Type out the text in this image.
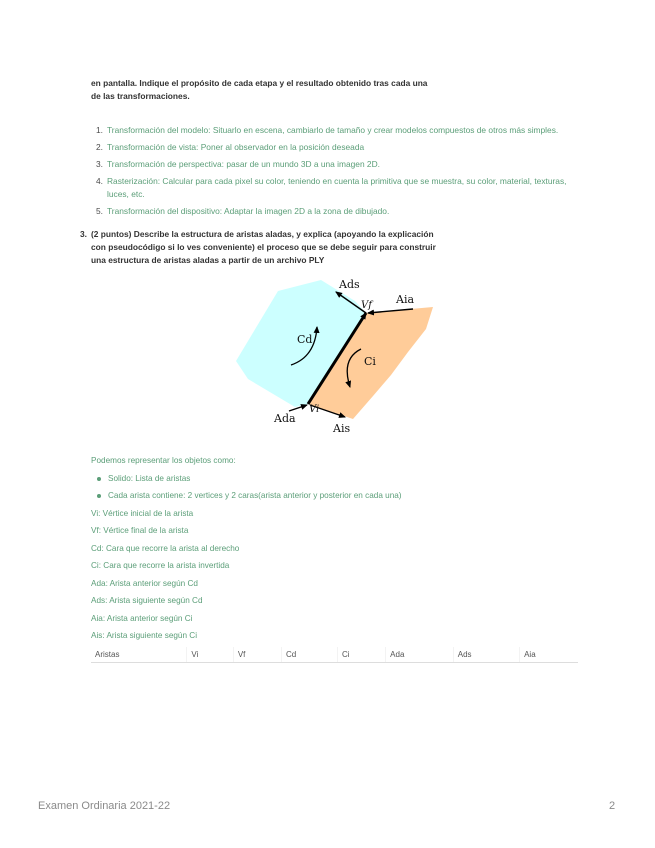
en pantalla. Indique el propósito de cada etapa y el resultado obtenido tras cada una
de las transformaciones.
1. Transformación del modelo: Situarlo en escena, cambiarlo de tamaño y crear modelos compuestos de otros más simples.
2. Transformación de vista: Poner al observador en la posición deseada
3. Transformación de perspectiva: pasar de un mundo 3D a una imagen 2D.
4. Rasterización: Calcular para cada pixel su color, teniendo en cuenta la primitiva que se muestra, su color, material, texturas, luces, etc.
5. Transformación del dispositivo: Adaptar la imagen 2D a la zona de dibujado.
3. (2 puntos) Describe la estructura de aristas aladas, y explica (apoyando la explicación
con pseudocódigo si lo ves conveniente) el proceso que se debe seguir para construir
una estructura de aristas aladas a partir de un archivo PLY
Ads
Vf Aia
Cd
Ci
Vi
Ada
Ais
Podemos representar los objetos como:
Solido: Lista de aristas
Cada arista contiene: 2 vertices y 2 caras(arista anterior y posterior en cada una)
Vi: Vértice inicial de la arista
Vf: Vértice final de la arista
Cd: Cara que recorre la arista al derecho
Ci: Cara que recorre la arista invertida
Ada: Arista anterior según Cd
Ads: Arista siguiente según Cd
Aia: Arista anterior según Ci
Ais: Arista siguiente según Ci
Aristas	Vi	Vf	Cd	Ci	Ada	Ads	Aia
Examen Ordinaria 2021-22	2
